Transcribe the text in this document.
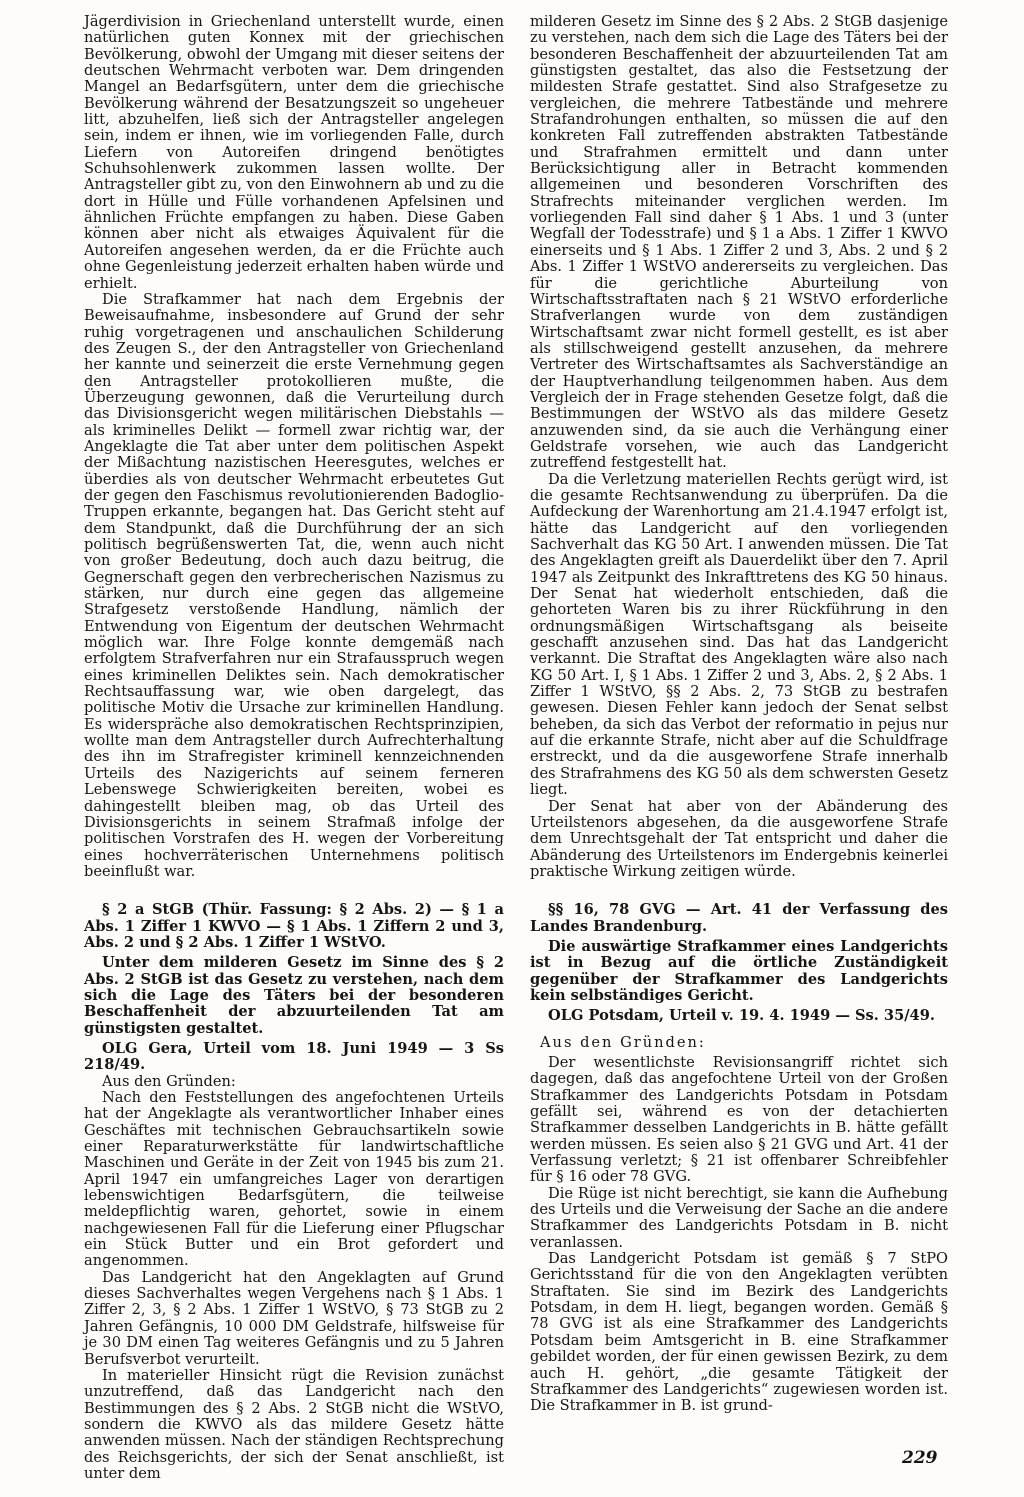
Jägerdivision in Griechenland unterstellt wurde, einen natürlichen guten Konnex mit der griechischen Bevölkerung, obwohl der Umgang mit dieser seitens der deutschen Wehrmacht verboten war. Dem dringenden Mangel an Bedarfsgütern, unter dem die griechische Bevölkerung während der Besatzungszeit so ungeheuer litt, abzuhelfen, ließ sich der Antragsteller angelegen sein, indem er ihnen, wie im vorliegenden Falle, durch Liefern von Autoreifen dringend benötigtes Schuhsohlenwerk zukommen lassen wollte. Der Antragsteller gibt zu, von den Einwohnern ab und zu die dort in Hülle und Fülle vorhandenen Apfelsinen und ähnlichen Früchte empfangen zu haben. Diese Gaben können aber nicht als etwaiges Äquivalent für die Autoreifen angesehen werden, da er die Früchte auch ohne Gegenleistung jederzeit erhalten haben würde und erhielt.

Die Strafkammer hat nach dem Ergebnis der Beweisaufnahme, insbesondere auf Grund der sehr ruhig vorgetragenen und anschaulichen Schilderung des Zeugen S., der den Antragsteller von Griechenland her kannte und seinerzeit die erste Vernehmung gegen den Antragsteller protokollieren mußte, die Überzeugung gewonnen, daß die Verurteilung durch das Divisionsgericht wegen militärischen Diebstahls — als kriminelles Delikt — formell zwar richtig war, der Angeklagte die Tat aber unter dem politischen Aspekt der Mißachtung nazistischen Heeresgutes, welches er überdies als von deutscher Wehrmacht erbeutetes Gut der gegen den Faschismus revolutionierenden Badoglio-Truppen erkannte, begangen hat. Das Gericht steht auf dem Standpunkt, daß die Durchführung der an sich politisch begrüßenswerten Tat, die, wenn auch nicht von großer Bedeutung, doch auch dazu beitrug, die Gegnerschaft gegen den verbrecherischen Nazismus zu stärken, nur durch eine gegen das allgemeine Strafgesetz verstoßende Handlung, nämlich der Entwendung von Eigentum der deutschen Wehrmacht möglich war. Ihre Folge konnte demgemäß nach erfolgtem Strafverfahren nur ein Strafausspruch wegen eines kriminellen Deliktes sein. Nach demokratischer Rechtsauffassung war, wie oben dargelegt, das politische Motiv die Ursache zur kriminellen Handlung. Es widerspräche also demokratischen Rechtsprinzipien, wollte man dem Antragsteller durch Aufrechterhaltung des ihn im Strafregister kriminell kennzeichnenden Urteils des Nazigerichts auf seinem ferneren Lebenswege Schwierigkeiten bereiten, wobei es dahingestellt bleiben mag, ob das Urteil des Divisionsgerichts in seinem Strafmaß infolge der politischen Vorstrafen des H. wegen der Vorbereitung eines hochverräterischen Unternehmens politisch beeinflußt war.

§ 2 a StGB (Thür. Fassung: § 2 Abs. 2) — § 1 a Abs. 1 Ziffer 1 KWVO — § 1 Abs. 1 Ziffern 2 und 3, Abs. 2 und § 2 Abs. 1 Ziffer 1 WStVO.

Unter dem milderen Gesetz im Sinne des § 2 Abs. 2 StGB ist das Gesetz zu verstehen, nach dem sich die Lage des Täters bei der besonderen Beschaffenheit der abzuurteilenden Tat am günstigsten gestaltet.

OLG Gera, Urteil vom 18. Juni 1949 — 3 Ss 218/49.

Aus den Gründen:

Nach den Feststellungen des angefochtenen Urteils hat der Angeklagte als verantwortlicher Inhaber eines Geschäftes mit technischen Gebrauchsartikeln sowie einer Reparaturwerkstätte für landwirtschaftliche Maschinen und Geräte in der Zeit von 1945 bis zum 21. April 1947 ein umfangreiches Lager von derartigen lebenswichtigen Bedarfsgütern, die teilweise meldepflichtig waren, gehortet, sowie in einem nachgewiesenen Fall für die Lieferung einer Pflugschar ein Stück Butter und ein Brot gefordert und angenommen.

Das Landgericht hat den Angeklagten auf Grund dieses Sachverhaltes wegen Vergehens nach § 1 Abs. 1 Ziffer 2, 3, § 2 Abs. 1 Ziffer 1 WStVO, § 73 StGB zu 2 Jahren Gefängnis, 10 000 DM Geldstrafe, hilfsweise für je 30 DM einen Tag weiteres Gefängnis und zu 5 Jahren Berufsverbot verurteilt.

In materieller Hinsicht rügt die Revision zunächst unzutreffend, daß das Landgericht nach den Bestimmungen des § 2 Abs. 2 StGB nicht die WStVO, sondern die KWVO als das mildere Gesetz hätte anwenden müssen. Nach der ständigen Rechtsprechung des Reichsgerichts, der sich der Senat anschließt, ist unter dem

milderen Gesetz im Sinne des § 2 Abs. 2 StGB dasjenige zu verstehen, nach dem sich die Lage des Täters bei der besonderen Beschaffenheit der abzuurteilenden Tat am günstigsten gestaltet, das also die Festsetzung der mildesten Strafe gestattet. Sind also Strafgesetze zu vergleichen, die mehrere Tatbestände und mehrere Strafandrohungen enthalten, so müssen die auf den konkreten Fall zutreffenden abstrakten Tatbestände und Strafrahmen ermittelt und dann unter Berücksichtigung aller in Betracht kommenden allgemeinen und besonderen Vorschriften des Strafrechts miteinander verglichen werden. Im vorliegenden Fall sind daher § 1 Abs. 1 und 3 (unter Wegfall der Todesstrafe) und § 1 a Abs. 1 Ziffer 1 KWVO einerseits und § 1 Abs. 1 Ziffer 2 und 3, Abs. 2 und § 2 Abs. 1 Ziffer 1 WStVO andererseits zu vergleichen. Das für die gerichtliche Aburteilung von Wirtschaftsstraftaten nach § 21 WStVO erforderliche Strafverlangen wurde von dem zuständigen Wirtschaftsamt zwar nicht formell gestellt, es ist aber als stillschweigend gestellt anzusehen, da mehrere Vertreter des Wirtschaftsamtes als Sachverständige an der Hauptverhandlung teilgenommen haben. Aus dem Vergleich der in Frage stehenden Gesetze folgt, daß die Bestimmungen der WStVO als das mildere Gesetz anzuwenden sind, da sie auch die Verhängung einer Geldstrafe vorsehen, wie auch das Landgericht zutreffend festgestellt hat.

Da die Verletzung materiellen Rechts gerügt wird, ist die gesamte Rechtsanwendung zu überprüfen. Da die Aufdeckung der Warenhortung am 21.4.1947 erfolgt ist, hätte das Landgericht auf den vorliegenden Sachverhalt das KG 50 Art. I anwenden müssen. Die Tat des Angeklagten greift als Dauerdelikt über den 7. April 1947 als Zeitpunkt des Inkrafttretens des KG 50 hinaus. Der Senat hat wiederholt entschieden, daß die gehorteten Waren bis zu ihrer Rückführung in den ordnungsmäßigen Wirtschaftsgang als beiseite geschafft anzusehen sind. Das hat das Landgericht verkannt. Die Straftat des Angeklagten wäre also nach KG 50 Art. I, § 1 Abs. 1 Ziffer 2 und 3, Abs. 2, § 2 Abs. 1 Ziffer 1 WStVO, §§ 2 Abs. 2, 73 StGB zu bestrafen gewesen. Diesen Fehler kann jedoch der Senat selbst beheben, da sich das Verbot der reformatio in pejus nur auf die erkannte Strafe, nicht aber auf die Schuldfrage erstreckt, und da die ausgeworfene Strafe innerhalb des Strafrahmens des KG 50 als dem schwersten Gesetz liegt.

Der Senat hat aber von der Abänderung des Urteilstenors abgesehen, da die ausgeworfene Strafe dem Unrechtsgehalt der Tat entspricht und daher die Abänderung des Urteilstenors im Endergebnis keinerlei praktische Wirkung zeitigen würde.

§§ 16, 78 GVG — Art. 41 der Verfassung des Landes Brandenburg.

Die auswärtige Strafkammer eines Landgerichts ist in Bezug auf die örtliche Zuständigkeit gegenüber der Strafkammer des Landgerichts kein selbständiges Gericht.

OLG Potsdam, Urteil v. 19. 4. 1949 — Ss. 35/49.

Aus den Gründen:

Der wesentlichste Revisionsangriff richtet sich dagegen, daß das angefochtene Urteil von der Großen Strafkammer des Landgerichts Potsdam in Potsdam gefällt sei, während es von der detachierten Strafkammer desselben Landgerichts in B. hätte gefällt werden müssen. Es seien also § 21 GVG und Art. 41 der Verfassung verletzt; § 21 ist offenbarer Schreibfehler für § 16 oder 78 GVG.

Die Rüge ist nicht berechtigt, sie kann die Aufhebung des Urteils und die Verweisung der Sache an die andere Strafkammer des Landgerichts Potsdam in B. nicht veranlassen.

Das Landgericht Potsdam ist gemäß § 7 StPO Gerichtsstand für die von den Angeklagten verübten Straftaten. Sie sind im Bezirk des Landgerichts Potsdam, in dem H. liegt, begangen worden. Gemäß § 78 GVG ist als eine Strafkammer des Landgerichts Potsdam beim Amtsgericht in B. eine Strafkammer gebildet worden, der für einen gewissen Bezirk, zu dem auch H. gehört, „die gesamte Tätigkeit der Strafkammer des Landgerichts“ zugewiesen worden ist. Die Strafkammer in B. ist grund-

229
